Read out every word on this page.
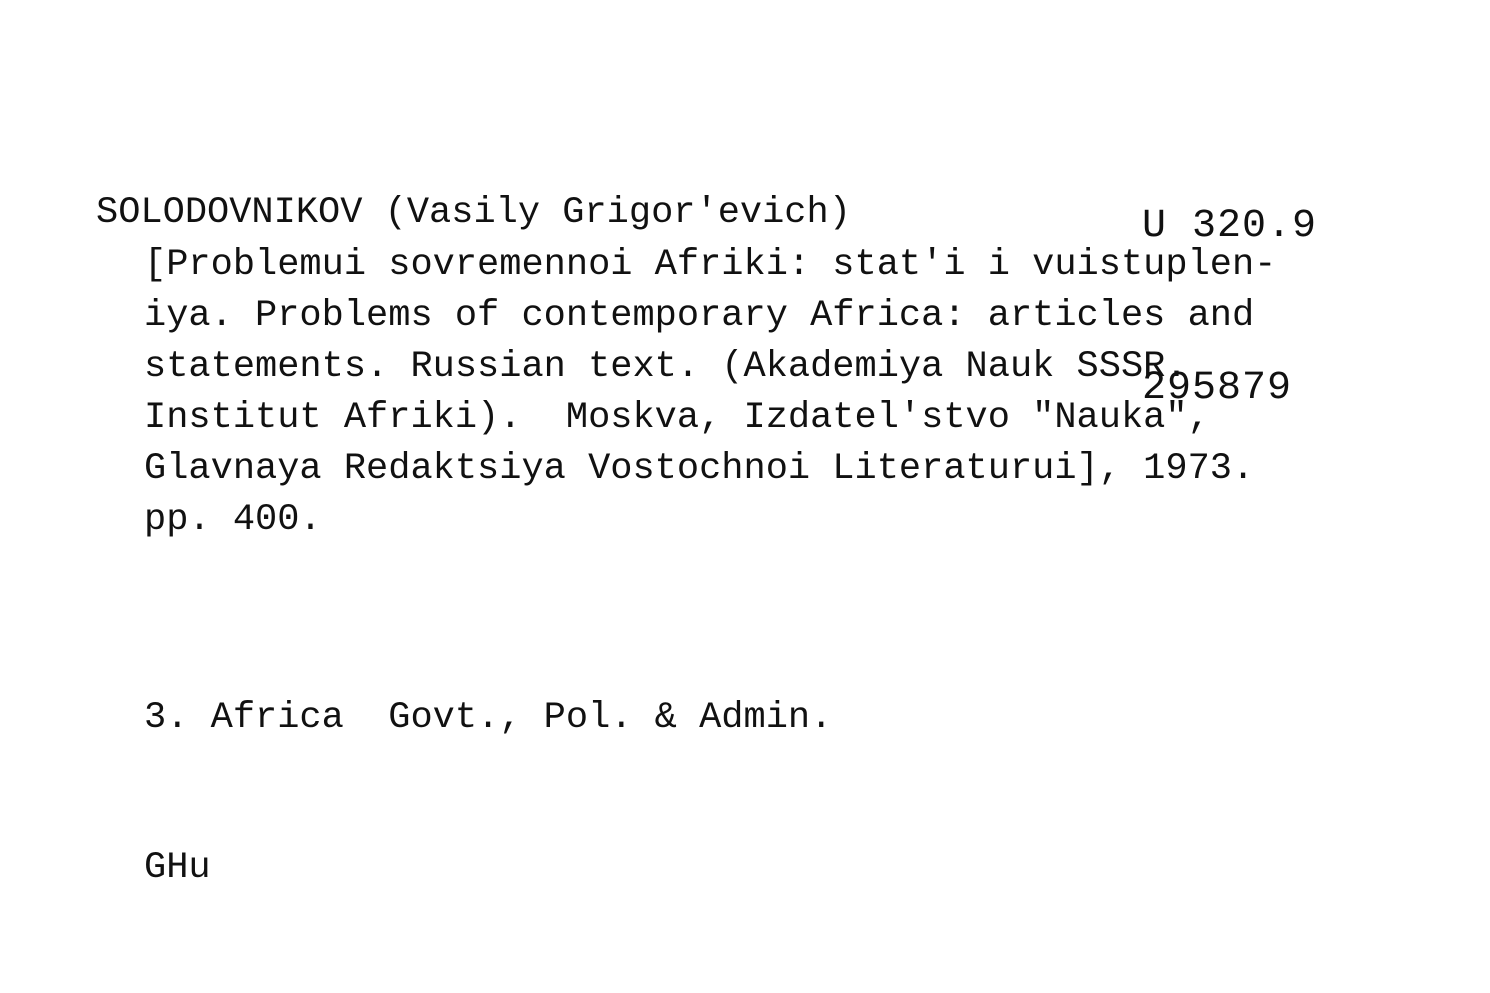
U 320.9

295879

SOLODOVNIKOV (Vasily Grigor'evich)
[Problemui sovremennoi Afriki: stat'i i vuistuplen-
iya. Problems of contemporary Africa: articles and
statements. Russian text. (Akademiya Nauk SSSR.
Institut Afriki).  Moskva, Izdatel'stvo "Nauka",
Glavnaya Redaktsiya Vostochnoi Literaturui], 1973.
pp. 400.

3. Africa  Govt., Pol. & Admin.

GHu
